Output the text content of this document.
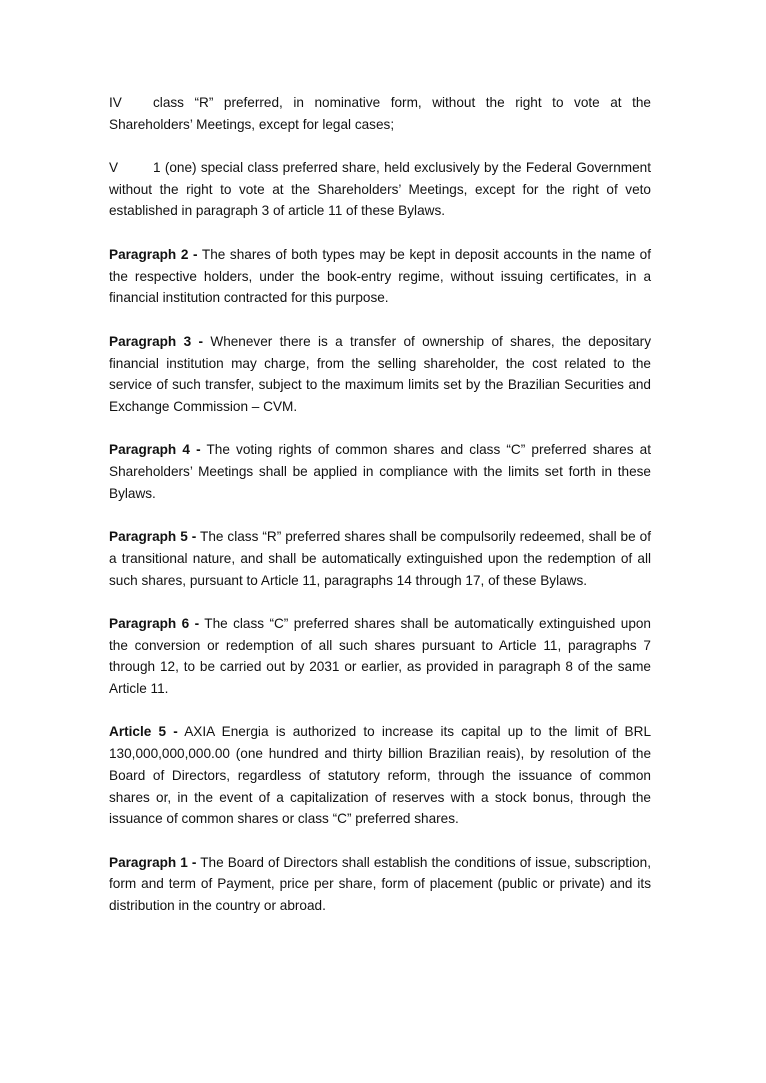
IV class “R” preferred, in nominative form, without the right to vote at the Shareholders’ Meetings, except for legal cases;

V	1 (one) special class preferred share, held exclusively by the Federal Government without the right to vote at the Shareholders’ Meetings, except for the right of veto established in paragraph 3 of article 11 of these Bylaws.

Paragraph 2 - The shares of both types may be kept in deposit accounts in the name of the respective holders, under the book-entry regime, without issuing certificates, in a financial institution contracted for this purpose.

Paragraph 3 - Whenever there is a transfer of ownership of shares, the depositary financial institution may charge, from the selling shareholder, the cost related to the service of such transfer, subject to the maximum limits set by the Brazilian Securities and Exchange Commission – CVM.

Paragraph 4 - The voting rights of common shares and class “C” preferred shares at Shareholders’ Meetings shall be applied in compliance with the limits set forth in these Bylaws.

Paragraph 5 - The class “R” preferred shares shall be compulsorily redeemed, shall be of a transitional nature, and shall be automatically extinguished upon the redemption of all such shares, pursuant to Article 11, paragraphs 14 through 17, of these Bylaws.

Paragraph 6 - The class “C” preferred shares shall be automatically extinguished upon the conversion or redemption of all such shares pursuant to Article 11, paragraphs 7 through 12, to be carried out by 2031 or earlier, as provided in paragraph 8 of the same Article 11.

Article 5 - AXIA Energia is authorized to increase its capital up to the limit of BRL 130,000,000,000.00 (one hundred and thirty billion Brazilian reais), by resolution of the Board of Directors, regardless of statutory reform, through the issuance of common shares or, in the event of a capitalization of reserves with a stock bonus, through the issuance of common shares or class “C” preferred shares.

Paragraph 1 - The Board of Directors shall establish the conditions of issue, subscription, form and term of Payment, price per share, form of placement (public or private) and its distribution in the country or abroad.
